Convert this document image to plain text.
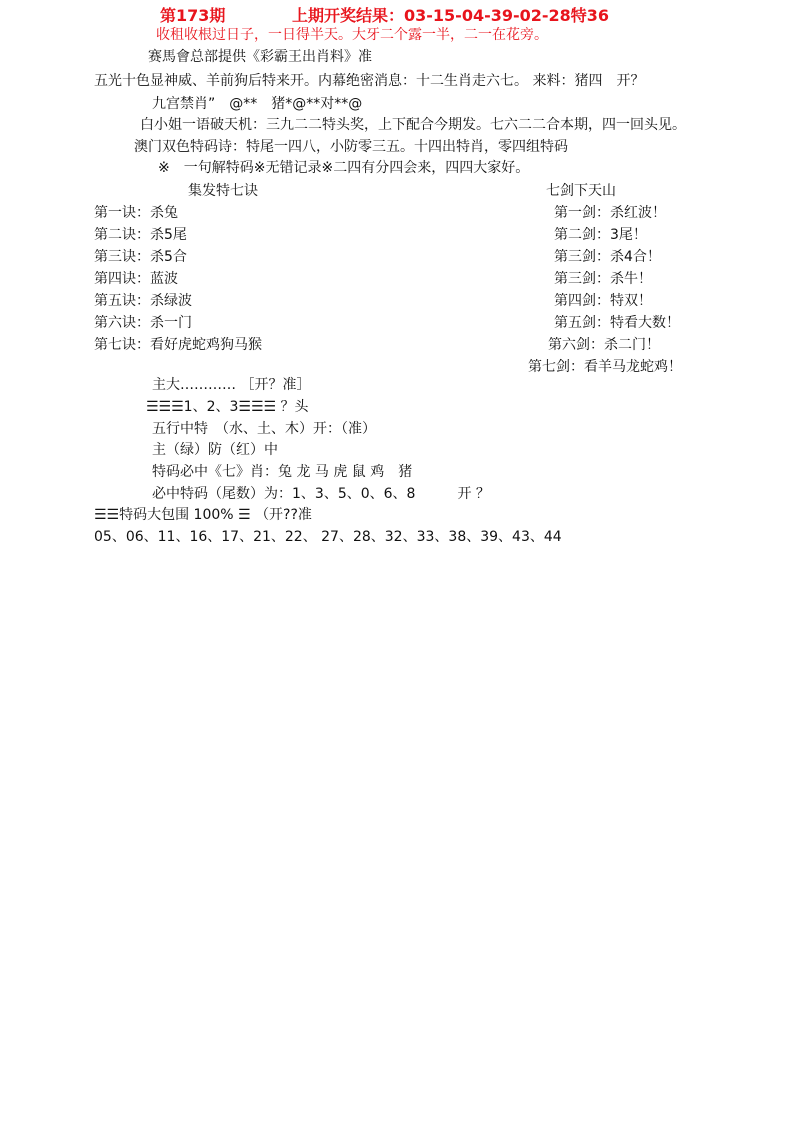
第173期	上期开奖结果：03-15-04-39-02-28特36
收租收根过日子，一日得半天。大牙二个露一半，二一在花旁。
赛馬會总部提供《彩霸王出肖料》准
五光十色显神威、羊前狗后特来开。内幕绝密消息：十二生肖走六七。 来料：猪四　开？
九宫禁肖”　@**　猪*@**对**@
白小姐一语破天机：三九二二特头奖，上下配合今期发。七六二二合本期，四一回头见。
澳门双色特码诗：特尾一四八，小防零三五。十四出特肖，零四组特码
※　一句解特码※无错记录※二四有分四会来，四四大家好。
集发特七诀
第一诀：杀兔
第二诀：杀5尾
第三诀：杀5合
第四诀：蓝波
第五诀：杀绿波
第六诀：杀一门
第七诀：看好虎蛇鸡狗马猴
七剑下天山
第一剑：杀红波！
第二剑：3尾！
第三剑：杀4合！
第三剑：杀牛！
第四剑：特双！
第五剑：特看大数！
第六剑：杀二门！
第七剑：看羊马龙蛇鸡！
主大………… ［开？准］
☰☰☰1、2、3☰☰☰ ？头
五行中特　（水、土、木）开：（准）
主（绿）防（红）中
特码必中《七》肖：兔 龙 马 虎 鼠 鸡　猪
必中特码（尾数）为：1、3、5、0、6、8　　　开 ？
☰☰特码大包围 100% ☰ （开??准
05、06、11、16、17、21、22、 27、28、32、33、38、39、43、44
